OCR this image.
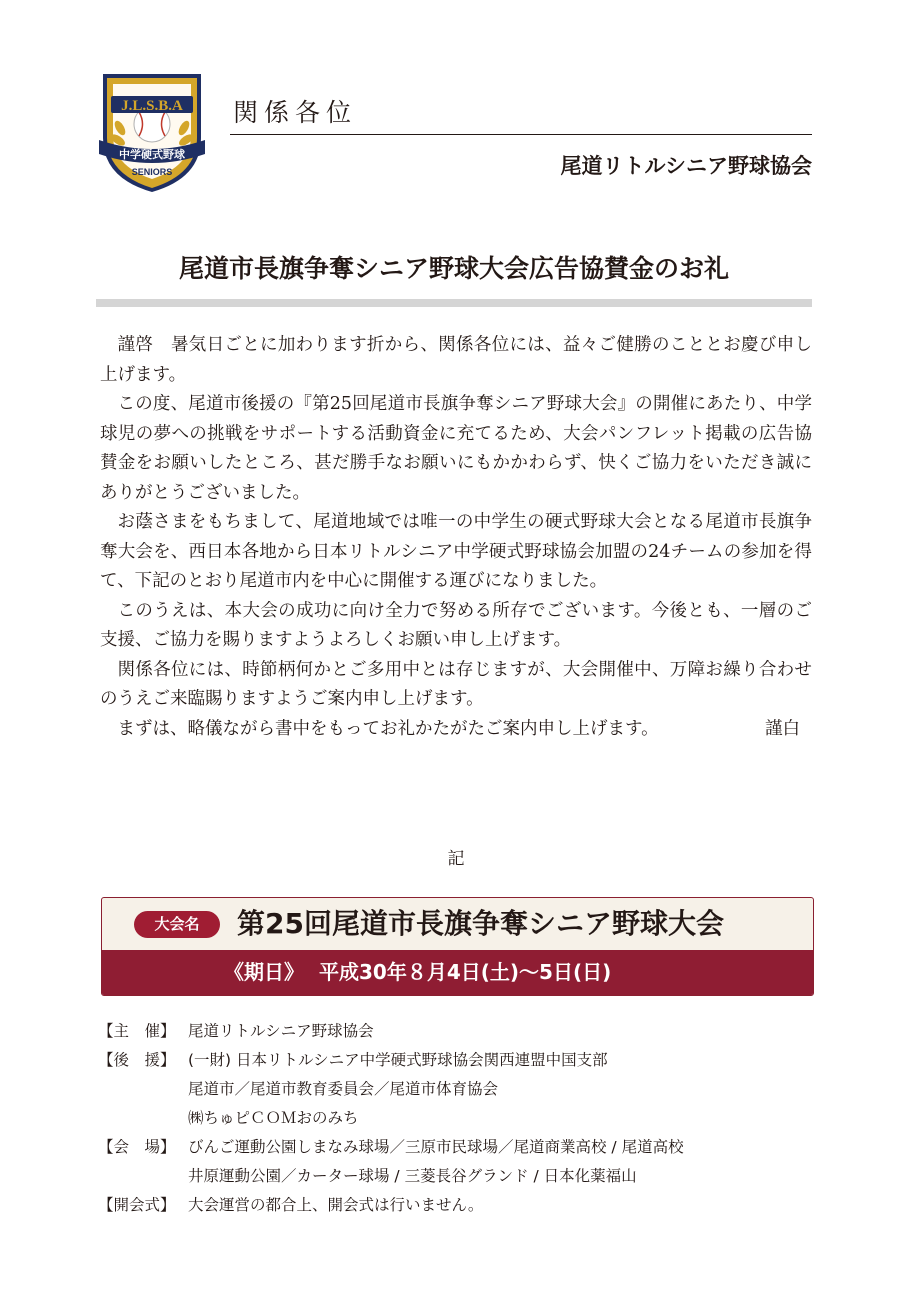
J.L.S.B.A
中学硬式野球
SENIORS
関係各位
尾道リトルシニア野球協会
尾道市長旗争奪シニア野球大会広告協賛金のお礼

謹啓　暑気日ごとに加わります折から、関係各位には、益々ご健勝のこととお慶び申し上げます。

この度、尾道市後援の『第25回尾道市長旗争奪シニア野球大会』の開催にあたり、中学球児の夢への挑戦をサポートする活動資金に充てるため、大会パンフレット掲載の広告協賛金をお願いしたところ、甚だ勝手なお願いにもかかわらず、快くご協力をいただき誠にありがとうございました。

お蔭さまをもちまして、尾道地域では唯一の中学生の硬式野球大会となる尾道市長旗争奪大会を、西日本各地から日本リトルシニア中学硬式野球協会加盟の24チームの参加を得て、下記のとおり尾道市内を中心に開催する運びになりました。

このうえは、本大会の成功に向け全力で努める所存でございます。今後とも、一層のご支援、ご協力を賜りますようよろしくお願い申し上げます。

関係各位には、時節柄何かとご多用中とは存じますが、大会開催中、万障お繰り合わせのうえご来臨賜りますようご案内申し上げます。

まずは、略儀ながら書中をもってお礼かたがたご案内申し上げます。	謹白

記
大会名	第25回尾道市長旗争奪シニア野球大会
《期日》 平成30年８月4日(土)～5日(日)
【主　催】 尾道リトルシニア野球協会
【後　援】 (一財) 日本リトルシニア中学硬式野球協会関西連盟中国支部
尾道市／尾道市教育委員会／尾道市体育協会
㈱ちゅピＣＯＭおのみち
【会　場】 びんご運動公園しまなみ球場／三原市民球場／尾道商業高校 / 尾道高校
井原運動公園／カーター球場 / 三菱長谷グランド / 日本化薬福山
【開会式】 大会運営の都合上、開会式は行いません。
